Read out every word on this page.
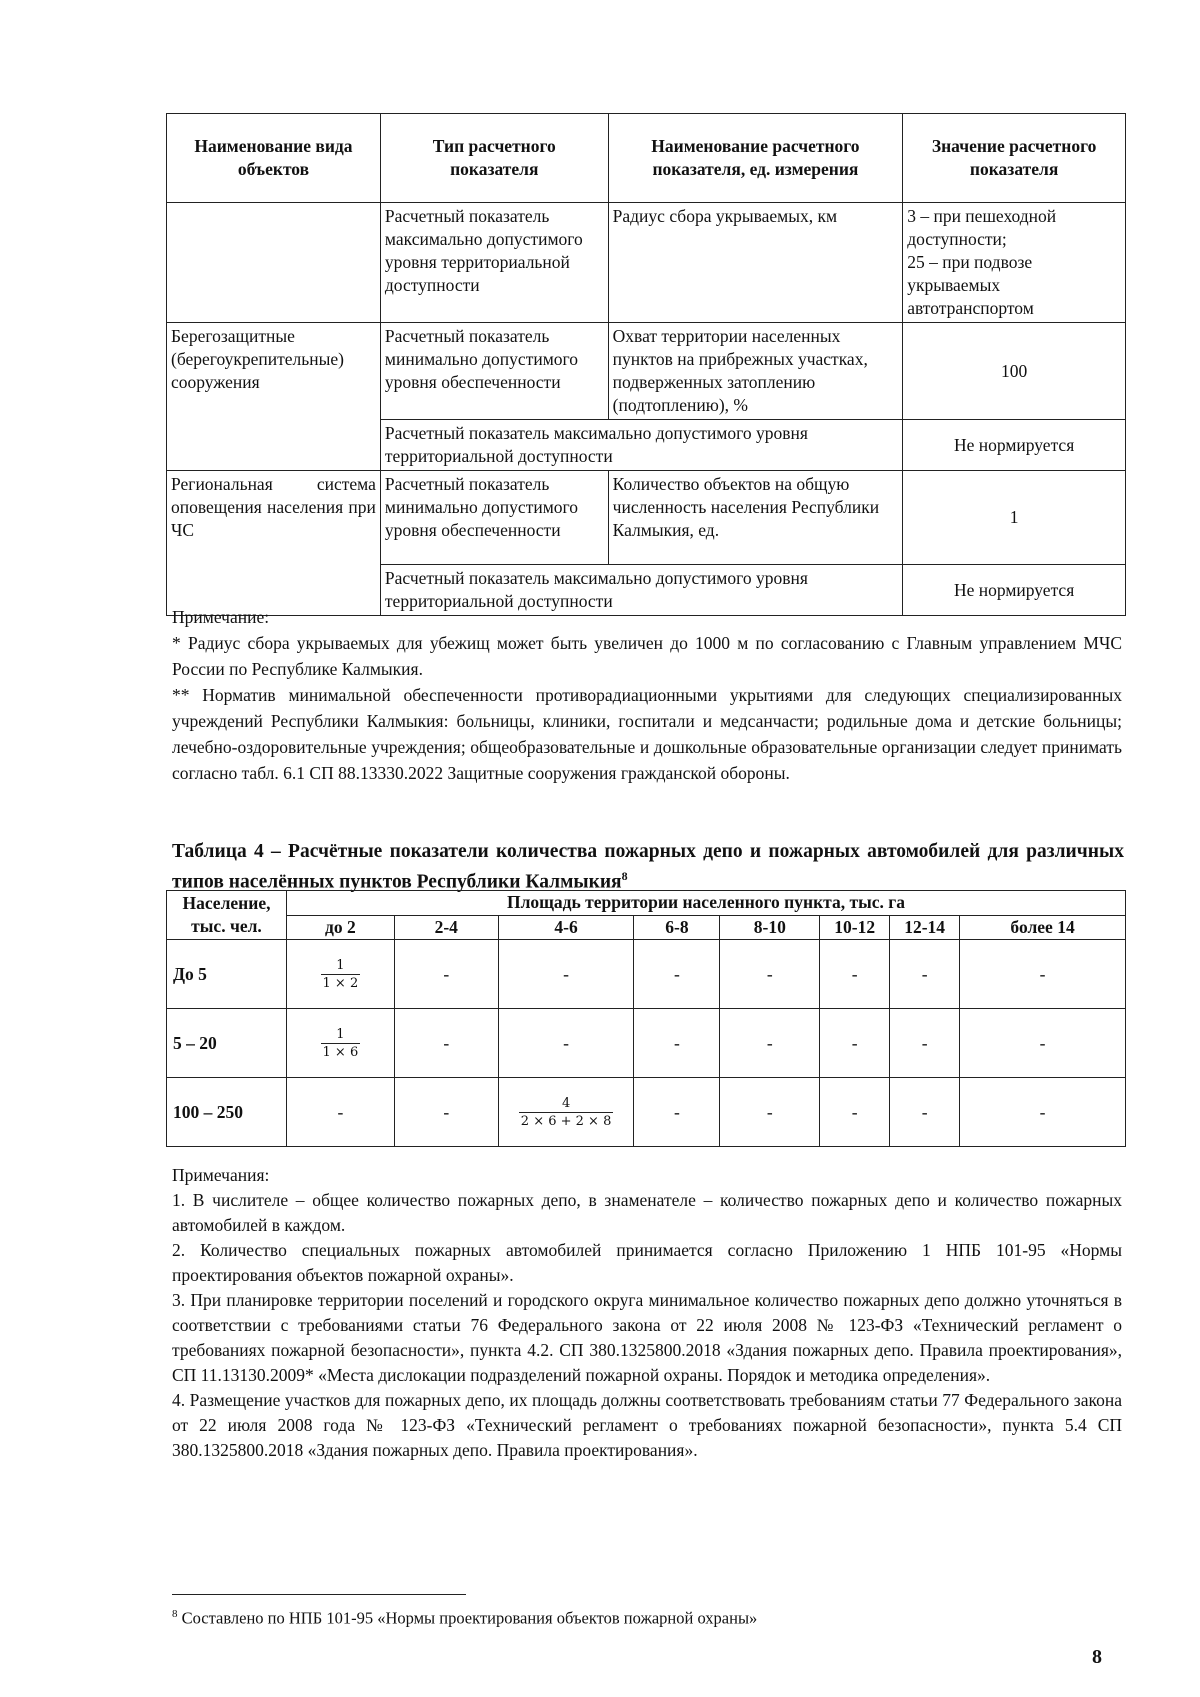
Наименование вида объектов	Тип расчетного показателя	Наименование расчетного показателя, ед. измерения	Значение расчетного показателя
	Расчетный показатель максимально допустимого уровня территориальной доступности	Радиус сбора укрываемых, км	3 – при пешеходной доступности;
25 – при подвозе укрываемых автотранспортом
Берегозащитные (берегоукрепительные) сооружения	Расчетный показатель минимально допустимого уровня обеспеченности	Охват территории населенных пунктов на прибрежных участках, подверженных затоплению (подтоплению), %	100
	Расчетный показатель максимально допустимого уровня территориальной доступности		Не нормируется
Региональная система оповещения населения при ЧС	Расчетный показатель минимально допустимого уровня обеспеченности	Количество объектов на общую численность населения Республики Калмыкия, ед.	1
	Расчетный показатель максимально допустимого уровня территориальной доступности		Не нормируется

Примечание:

* Радиус сбора укрываемых для убежищ может быть увеличен до 1000 м по согласованию с Главным управлением МЧС России по Республике Калмыкия.

** Норматив минимальной обеспеченности противорадиационными укрытиями для следующих специализированных учреждений Республики Калмыкия: больницы, клиники, госпитали и медсанчасти; родильные дома и детские больницы; лечебно-оздоровительные учреждения; общеобразовательные и дошкольные образовательные организации следует принимать согласно табл. 6.1 СП 88.13330.2022 Защитные сооружения гражданской обороны.

Таблица 4 – Расчётные показатели количества пожарных депо и пожарных автомобилей для различных типов населённых пунктов Республики Калмыкия$^8$
Население, тыс. чел.	Площадь территории населенного пункта, тыс. га							
	до 2	2-4	4-6	6-8	8-10	10-12	12-14	более 14
До 5	$\frac{1}{1 \times 2}$	-	-	-	-	-	-	-
5 – 20	$\frac{1}{1 \times 6}$	-	-	-	-	-	-	-
100 – 250	-	-	$\frac{4}{2 \times 6 + 2 \times 8}$	-	-	-	-	-

Примечания:

1. В числителе – общее количество пожарных депо, в знаменателе – количество пожарных депо и количество пожарных автомобилей в каждом.

2. Количество специальных пожарных автомобилей принимается согласно Приложению 1 НПБ 101-95 «Нормы проектирования объектов пожарной охраны».

3. При планировке территории поселений и городского округа минимальное количество пожарных депо должно уточняться в соответствии с требованиями статьи 76 Федерального закона от 22 июля 2008 № 123-ФЗ «Технический регламент о требованиях пожарной безопасности», пункта 4.2. СП 380.1325800.2018 «Здания пожарных депо. Правила проектирования», СП 11.13130.2009* «Места дислокации подразделений пожарной охраны. Порядок и методика определения».

4. Размещение участков для пожарных депо, их площадь должны соответствовать требованиям статьи 77 Федерального закона от 22 июля 2008 года № 123-ФЗ «Технический регламент о требованиях пожарной безопасности», пункта 5.4 СП 380.1325800.2018 «Здания пожарных депо. Правила проектирования».

$^8$ Составлено по НПБ 101-95 «Нормы проектирования объектов пожарной охраны»
8
